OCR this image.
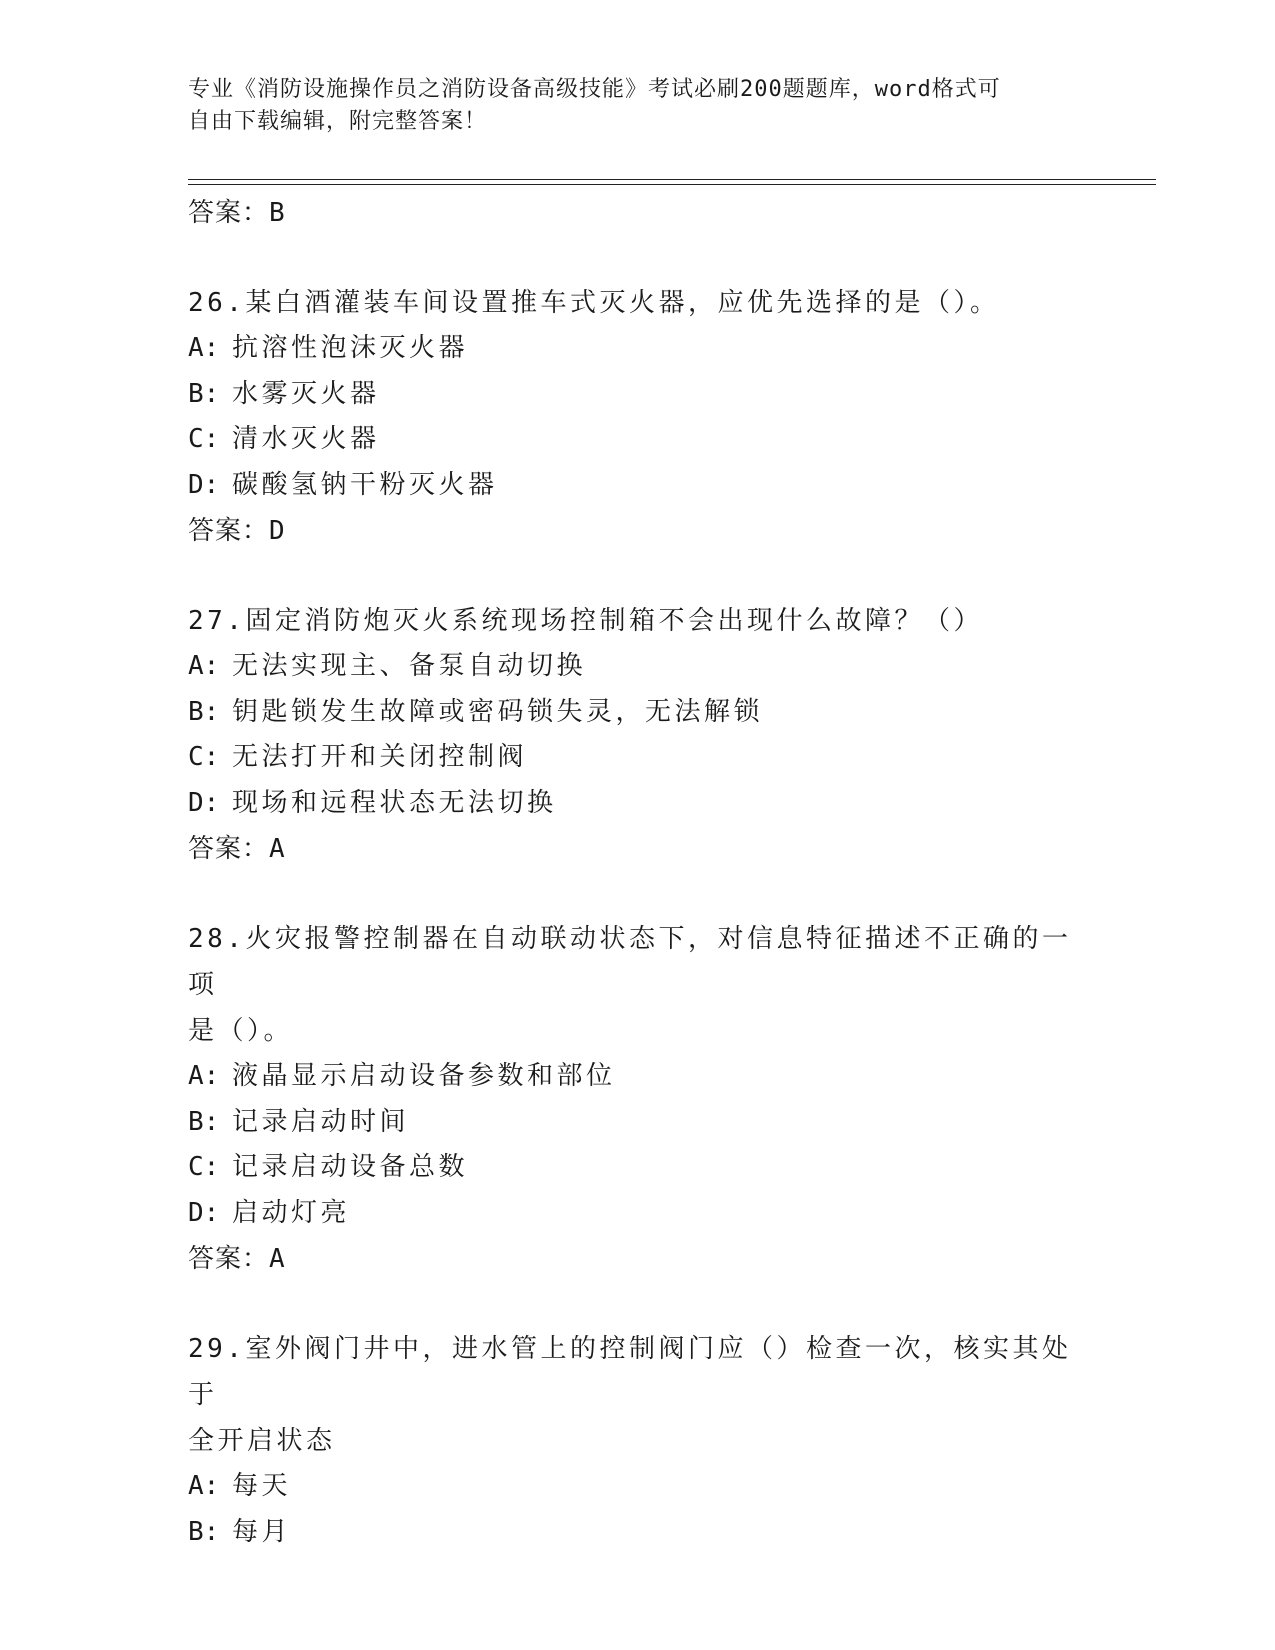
专业《消防设施操作员之消防设备高级技能》考试必刷200题题库，word格式可
自由下载编辑，附完整答案！
答案：B
26.某白酒灌装车间设置推车式灭火器，应优先选择的是（）。
A: 抗溶性泡沫灭火器
B: 水雾灭火器
C: 清水灭火器
D: 碳酸氢钠干粉灭火器
答案：D
27.固定消防炮灭火系统现场控制箱不会出现什么故障？（）
A: 无法实现主、备泵自动切换
B: 钥匙锁发生故障或密码锁失灵，无法解锁
C: 无法打开和关闭控制阀
D: 现场和远程状态无法切换
答案：A
28.火灾报警控制器在自动联动状态下，对信息特征描述不正确的一项
是（）。
A: 液晶显示启动设备参数和部位
B: 记录启动时间
C: 记录启动设备总数
D: 启动灯亮
答案：A
29.室外阀门井中，进水管上的控制阀门应（）检查一次，核实其处于
全开启状态
A: 每天
B: 每月
